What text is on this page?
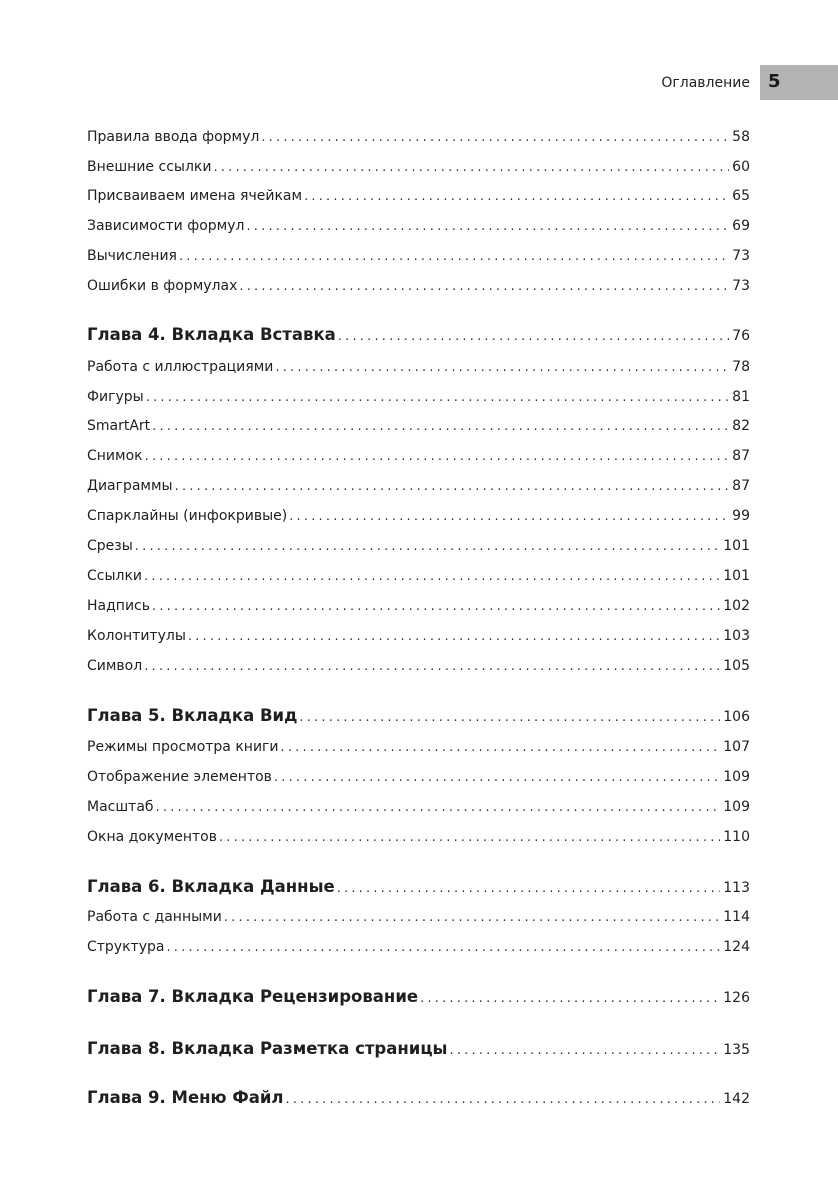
Оглавление 5
Правила ввода формул .....	58
Внешние ссылки .....	60
Присваиваем имена ячейкам .....	65
Зависимости формул .....	69
Вычисления .....	73
Ошибки в формулах .....	73
Глава 4. Вкладка Вставка .....	76
Работа с иллюстрациями .....	78
Фигуры .....	81
SmartArt .....	82
Снимок .....	87
Диаграммы .....	87
Спарклайны (инфокривые) .....	99
Срезы .....	101
Ссылки .....	101
Надпись .....	102
Колонтитулы .....	103
Символ .....	105
Глава 5. Вкладка Вид .....	106
Режимы просмотра книги .....	107
Отображение элементов .....	109
Масштаб .....	109
Окна документов .....	110
Глава 6. Вкладка Данные .....	113
Работа с данными .....	114
Структура .....	124
Глава 7. Вкладка Рецензирование .....	126
Глава 8. Вкладка Разметка страницы .....	135
Глава 9. Меню Файл .....	142
